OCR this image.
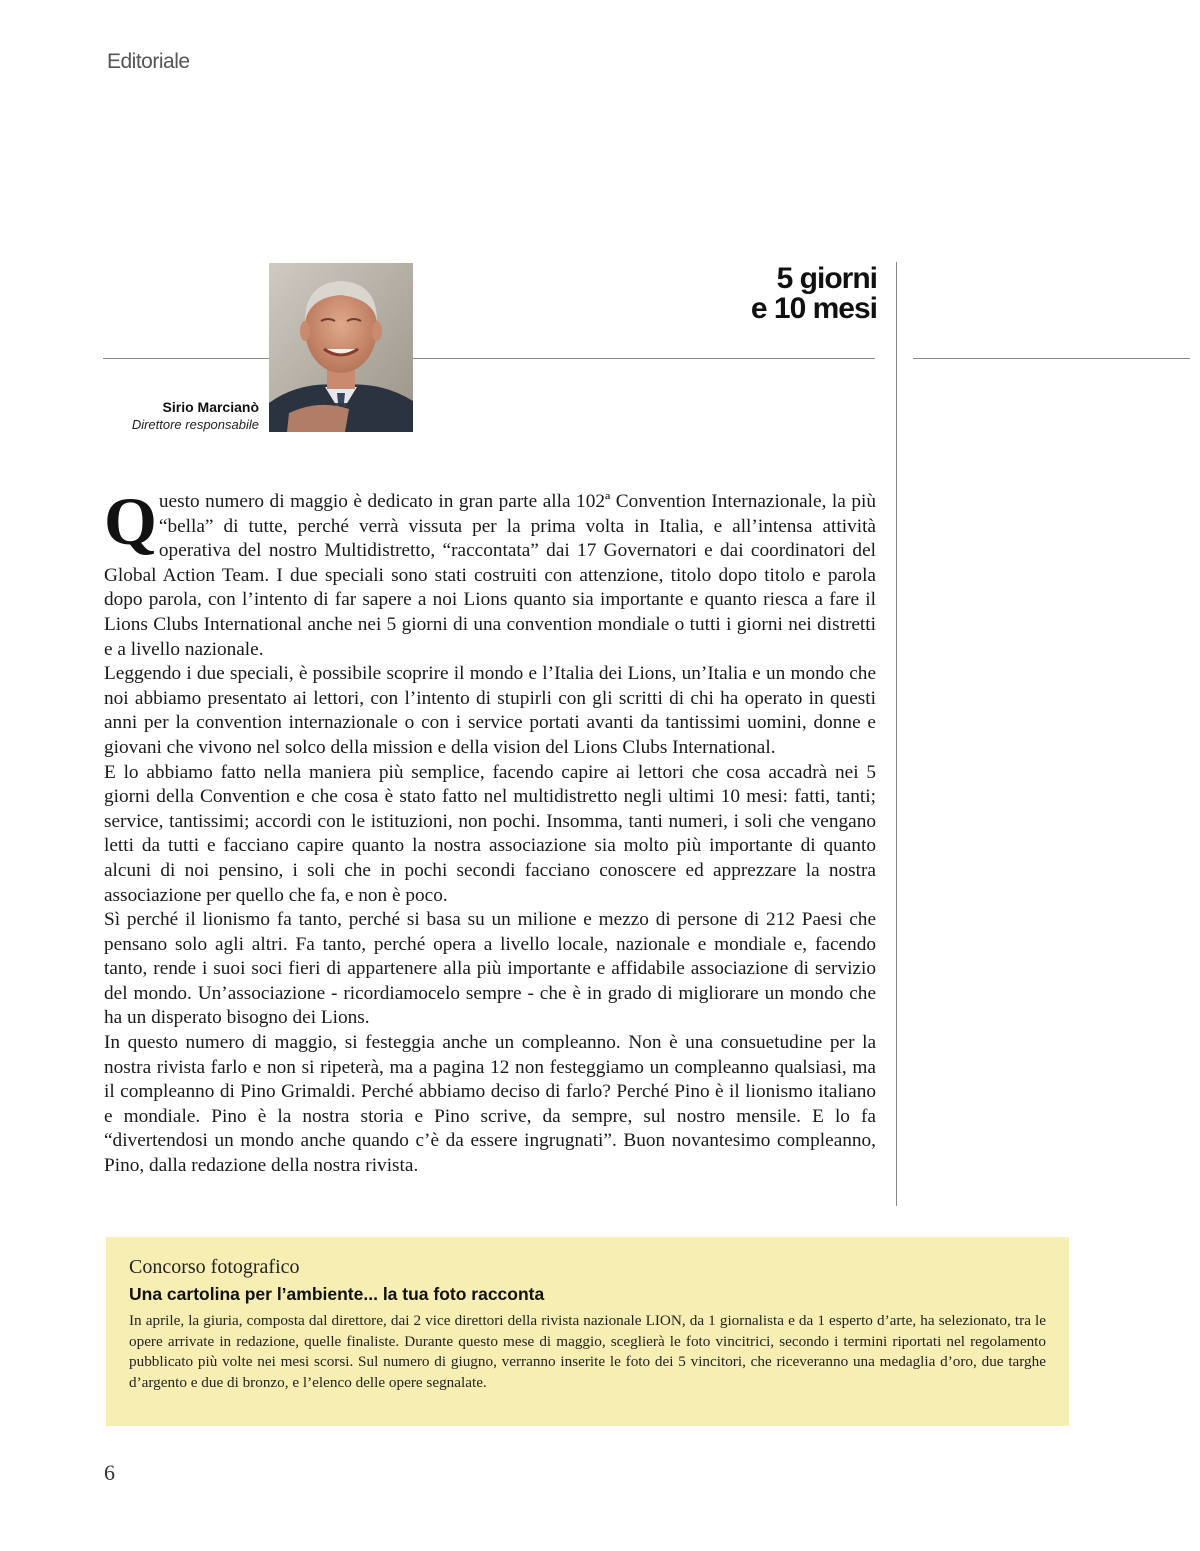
Editoriale
5 giorni
e 10 mesi
Sirio Marcianò
Direttore responsabile

Questo numero di maggio è dedicato in gran parte alla 102ª Convention Internazionale, la più “bella” di tutte, perché verrà vissuta per la prima volta in Italia, e all’intensa attività operativa del nostro Multidistretto, “raccontata” dai 17 Governatori e dai coordinatori del Global Action Team. I due speciali sono stati costruiti con attenzione, titolo dopo titolo e parola dopo parola, con l’intento di far sapere a noi Lions quanto sia importante e quanto riesca a fare il Lions Clubs International anche nei 5 giorni di una convention mondiale o tutti i giorni nei distretti e a livello nazionale.

Leggendo i due speciali, è possibile scoprire il mondo e l’Italia dei Lions, un’Italia e un mondo che noi abbiamo presentato ai lettori, con l’intento di stupirli con gli scritti di chi ha operato in questi anni per la convention internazionale o con i service portati avanti da tantissimi uomini, donne e giovani che vivono nel solco della mission e della vision del Lions Clubs International.

E lo abbiamo fatto nella maniera più semplice, facendo capire ai lettori che cosa accadrà nei 5 giorni della Convention e che cosa è stato fatto nel multidistretto negli ultimi 10 mesi: fatti, tanti; service, tantissimi; accordi con le istituzioni, non pochi. Insomma, tanti numeri, i soli che vengano letti da tutti e facciano capire quanto la nostra associazione sia molto più importante di quanto alcuni di noi pensino, i soli che in pochi secondi facciano conoscere ed apprezzare la nostra associazione per quello che fa, e non è poco.

Sì perché il lionismo fa tanto, perché si basa su un milione e mezzo di persone di 212 Paesi che pensano solo agli altri. Fa tanto, perché opera a livello locale, nazionale e mondiale e, facendo tanto, rende i suoi soci fieri di appartenere alla più importante e affidabile associazione di servizio del mondo. Un’associazione - ricordiamocelo sempre - che è in grado di migliorare un mondo che ha un disperato bisogno dei Lions.

In questo numero di maggio, si festeggia anche un compleanno. Non è una consuetudine per la nostra rivista farlo e non si ripeterà, ma a pagina 12 non festeggiamo un compleanno qualsiasi, ma il compleanno di Pino Grimaldi. Perché abbiamo deciso di farlo? Perché Pino è il lionismo italiano e mondiale. Pino è la nostra storia e Pino scrive, da sempre, sul nostro mensile. E lo fa “divertendosi un mondo anche quando c’è da essere ingrugnati”. Buon novantesimo compleanno, Pino, dalla redazione della nostra rivista.

Concorso fotografico
Una cartolina per l’ambiente... la tua foto racconta
In aprile, la giuria, composta dal direttore, dai 2 vice direttori della rivista nazionale LION, da 1 giornalista e da 1 esperto d’arte, ha selezionato, tra le opere arrivate in redazione, quelle finaliste. Durante questo mese di maggio, sceglierà le foto vincitrici, secondo i termini riportati nel regolamento pubblicato più volte nei mesi scorsi. Sul numero di giugno, verranno inserite le foto dei 5 vincitori, che riceveranno una medaglia d’oro, due targhe d’argento e due di bronzo, e l’elenco delle opere segnalate.
6
